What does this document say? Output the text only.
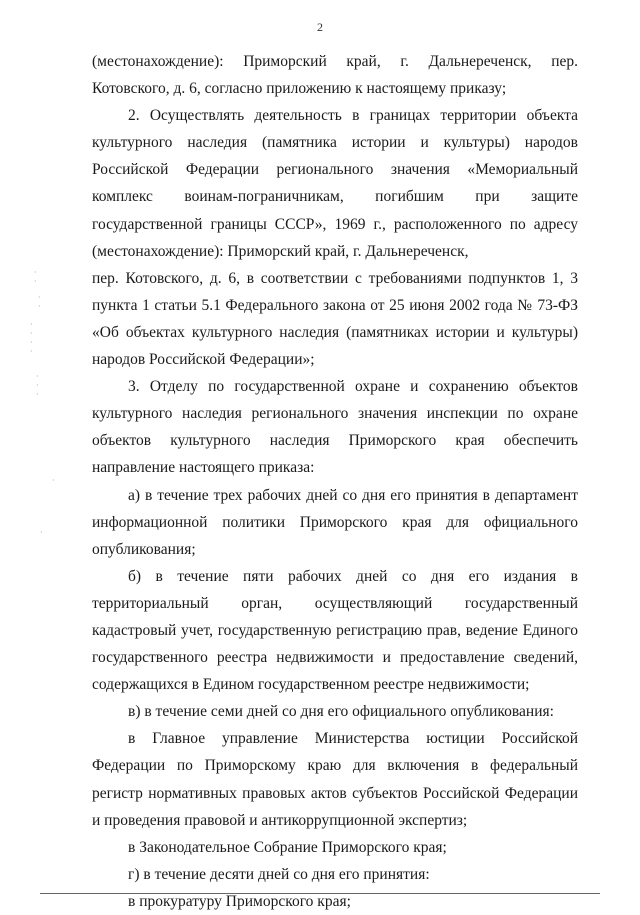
2
· ·
· ·
· · · ·
· · ·
·
·

(местонахождение): Приморский край, г. Дальнереченск, пер. Котовского, д. 6, согласно приложению к настоящему приказу;

2. Осуществлять деятельность в границах территории объекта культурного наследия (памятника истории и культуры) народов Российской Федерации регионального значения «Мемориальный комплекс воинам-пограничникам, погибшим при защите государственной границы СССР», 1969 г., расположенного по адресу (местонахождение): Приморский край, г. Дальнереченск,

пер. Котовского, д. 6, в соответствии с требованиями подпунктов 1, 3 пункта 1 статьи 5.1 Федерального закона от 25 июня 2002 года № 73-ФЗ «Об объектах культурного наследия (памятниках истории и культуры) народов Российской Федерации»;

3. Отделу по государственной охране и сохранению объектов культурного наследия регионального значения инспекции по охране объектов культурного наследия Приморского края обеспечить направление настоящего приказа:

а) в течение трех рабочих дней со дня его принятия в департамент информационной политики Приморского края для официального опубликования;

б) в течение пяти рабочих дней со дня его издания в территориальный орган, осуществляющий государственный кадастровый учет, государственную регистрацию прав, ведение Единого государственного реестра недвижимости и предоставление сведений, содержащихся в Едином государственном реестре недвижимости;

в) в течение семи дней со дня его официального опубликования:

в Главное управление Министерства юстиции Российской Федерации по Приморскому краю для включения в федеральный регистр нормативных правовых актов субъектов Российской Федерации и проведения правовой и антикоррупционной экспертиз;

в Законодательное Собрание Приморского края;

г) в течение десяти дней со дня его принятия:

в прокуратуру Приморского края;
